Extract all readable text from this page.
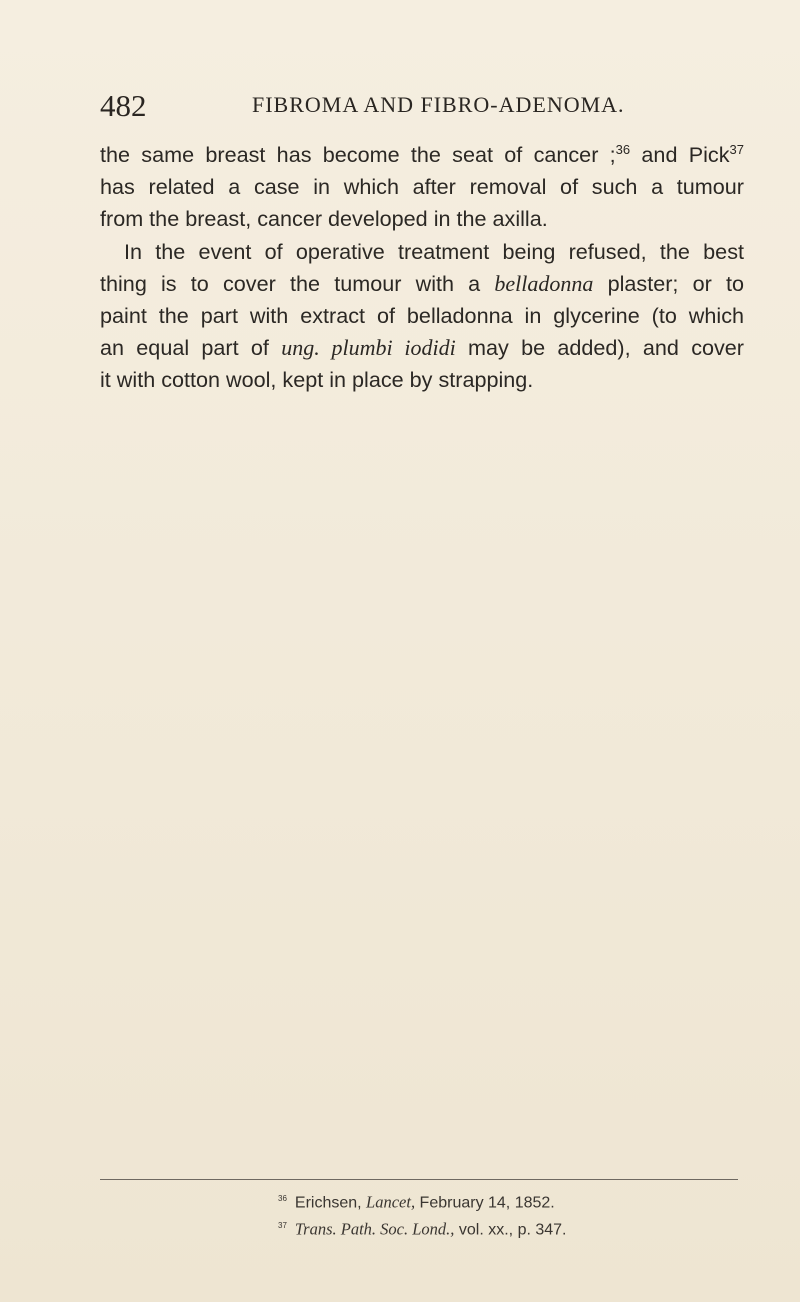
482	FIBROMA AND FIBRO-ADENOMA.
the same breast has become the seat of cancer ;$^{36}$ and Pick$^{37}$
has related a case in which after removal of such a tumour
from the breast, cancer developed in the axilla.
In the event of operative treatment being refused, the best
thing is to cover the tumour with a belladonna plaster; or to
paint the part with extract of belladonna in glycerine (to which
an equal part of ung. plumbi iodidi may be added), and cover
it with cotton wool, kept in place by strapping.
$^{36}$ Erichsen, Lancet, February 14, 1852.
$^{37}$ Trans. Path. Soc. Lond., vol. xx., p. 347.
